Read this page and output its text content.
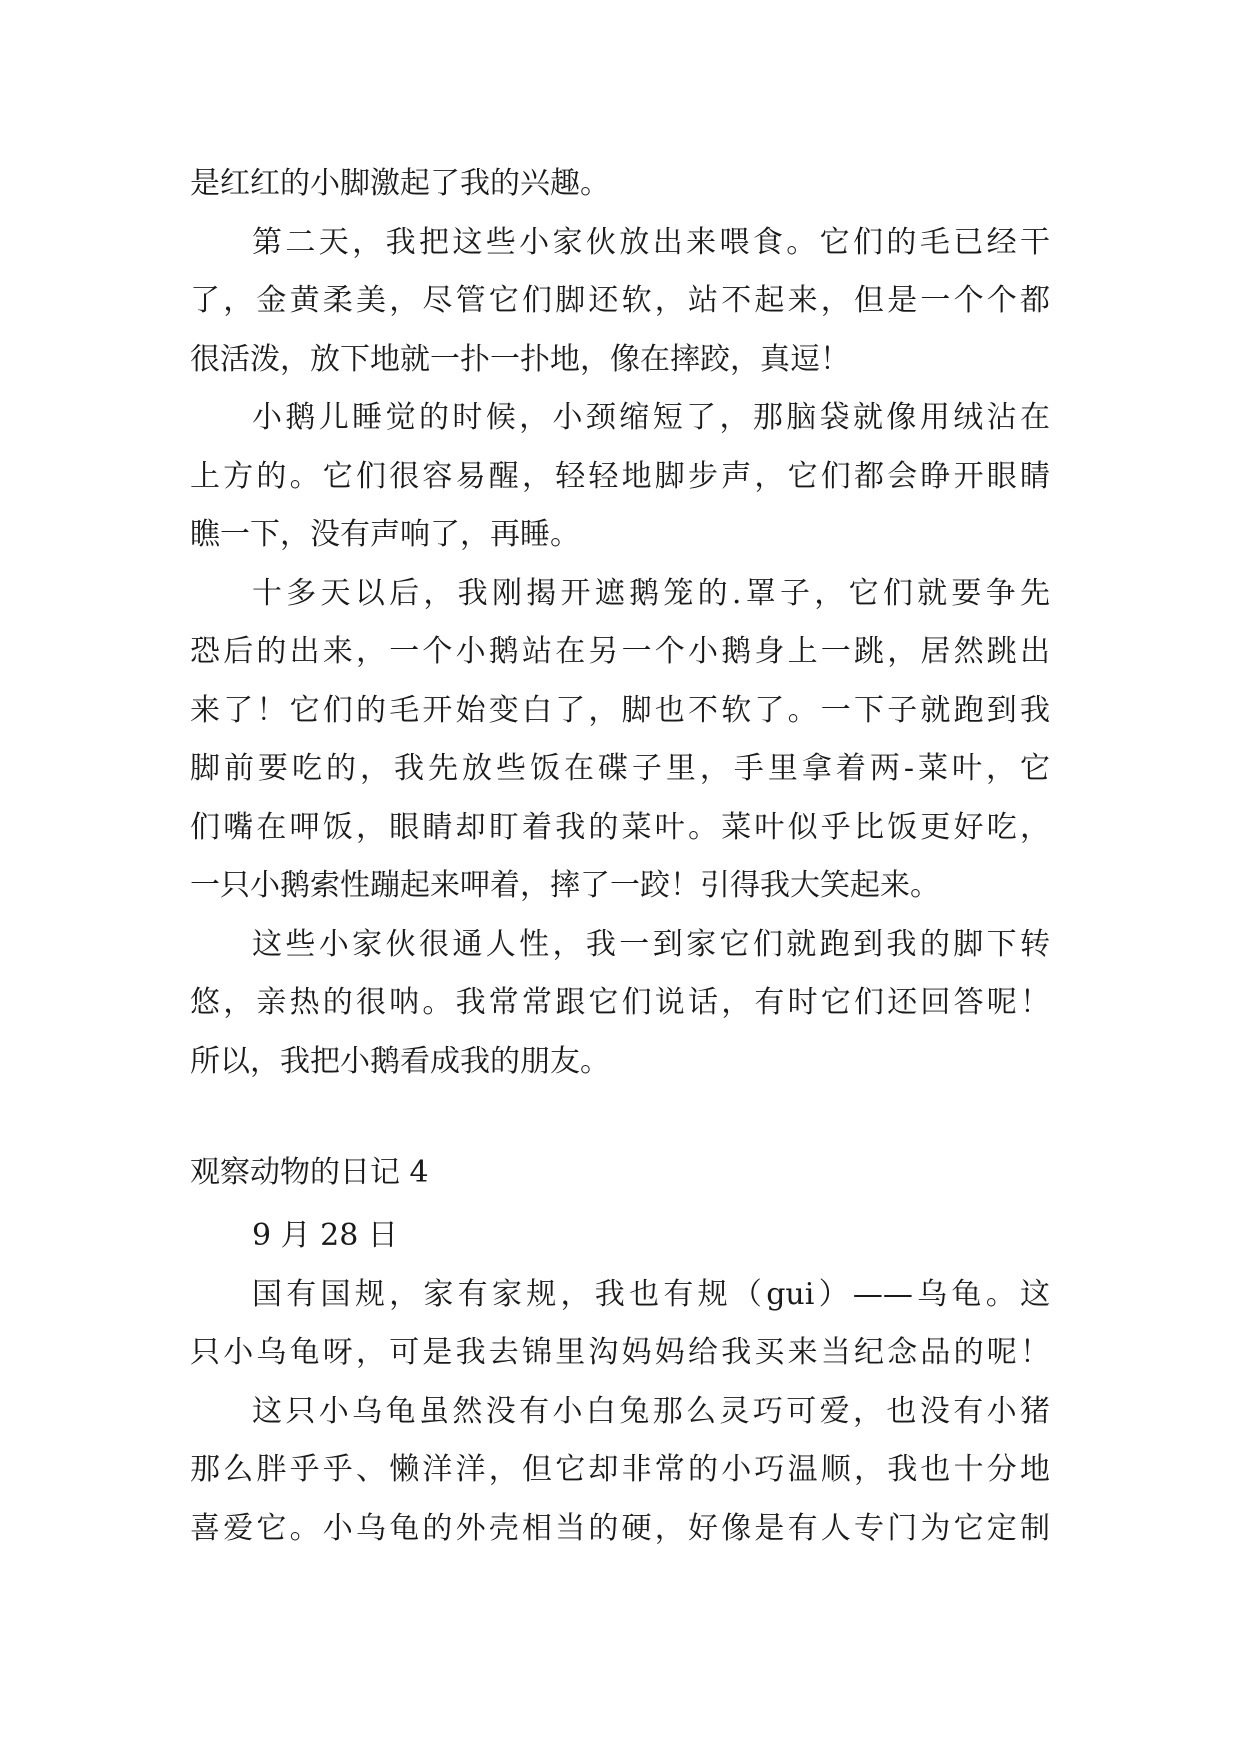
是红红的小脚激起了我的兴趣。
第二天，我把这些小家伙放出来喂食。它们的毛已经干
了，金黄柔美，尽管它们脚还软，站不起来，但是一个个都
很活泼，放下地就一扑一扑地，像在摔跤，真逗！
小鹅儿睡觉的时候，小颈缩短了，那脑袋就像用绒沾在
上方的。它们很容易醒，轻轻地脚步声，它们都会睁开眼睛
瞧一下，没有声响了，再睡。
十多天以后，我刚揭开遮鹅笼的.罩子，它们就要争先
恐后的出来，一个小鹅站在另一个小鹅身上一跳，居然跳出
来了！它们的毛开始变白了，脚也不软了。一下子就跑到我
脚前要吃的，我先放些饭在碟子里，手里拿着两-菜叶，它
们嘴在呷饭，眼睛却盯着我的菜叶。菜叶似乎比饭更好吃，
一只小鹅索性蹦起来呷着，摔了一跤！引得我大笑起来。
这些小家伙很通人性，我一到家它们就跑到我的脚下转
悠，亲热的很呐。我常常跟它们说话，有时它们还回答呢！
所以，我把小鹅看成我的朋友。
观察动物的日记 4
9 月 28 日
国有国规，家有家规，我也有规（gui）——乌龟。这
只小乌龟呀，可是我去锦里沟妈妈给我买来当纪念品的呢！
这只小乌龟虽然没有小白兔那么灵巧可爱，也没有小猪
那么胖乎乎、懒洋洋，但它却非常的小巧温顺，我也十分地
喜爱它。小乌龟的外壳相当的硬，好像是有人专门为它定制
